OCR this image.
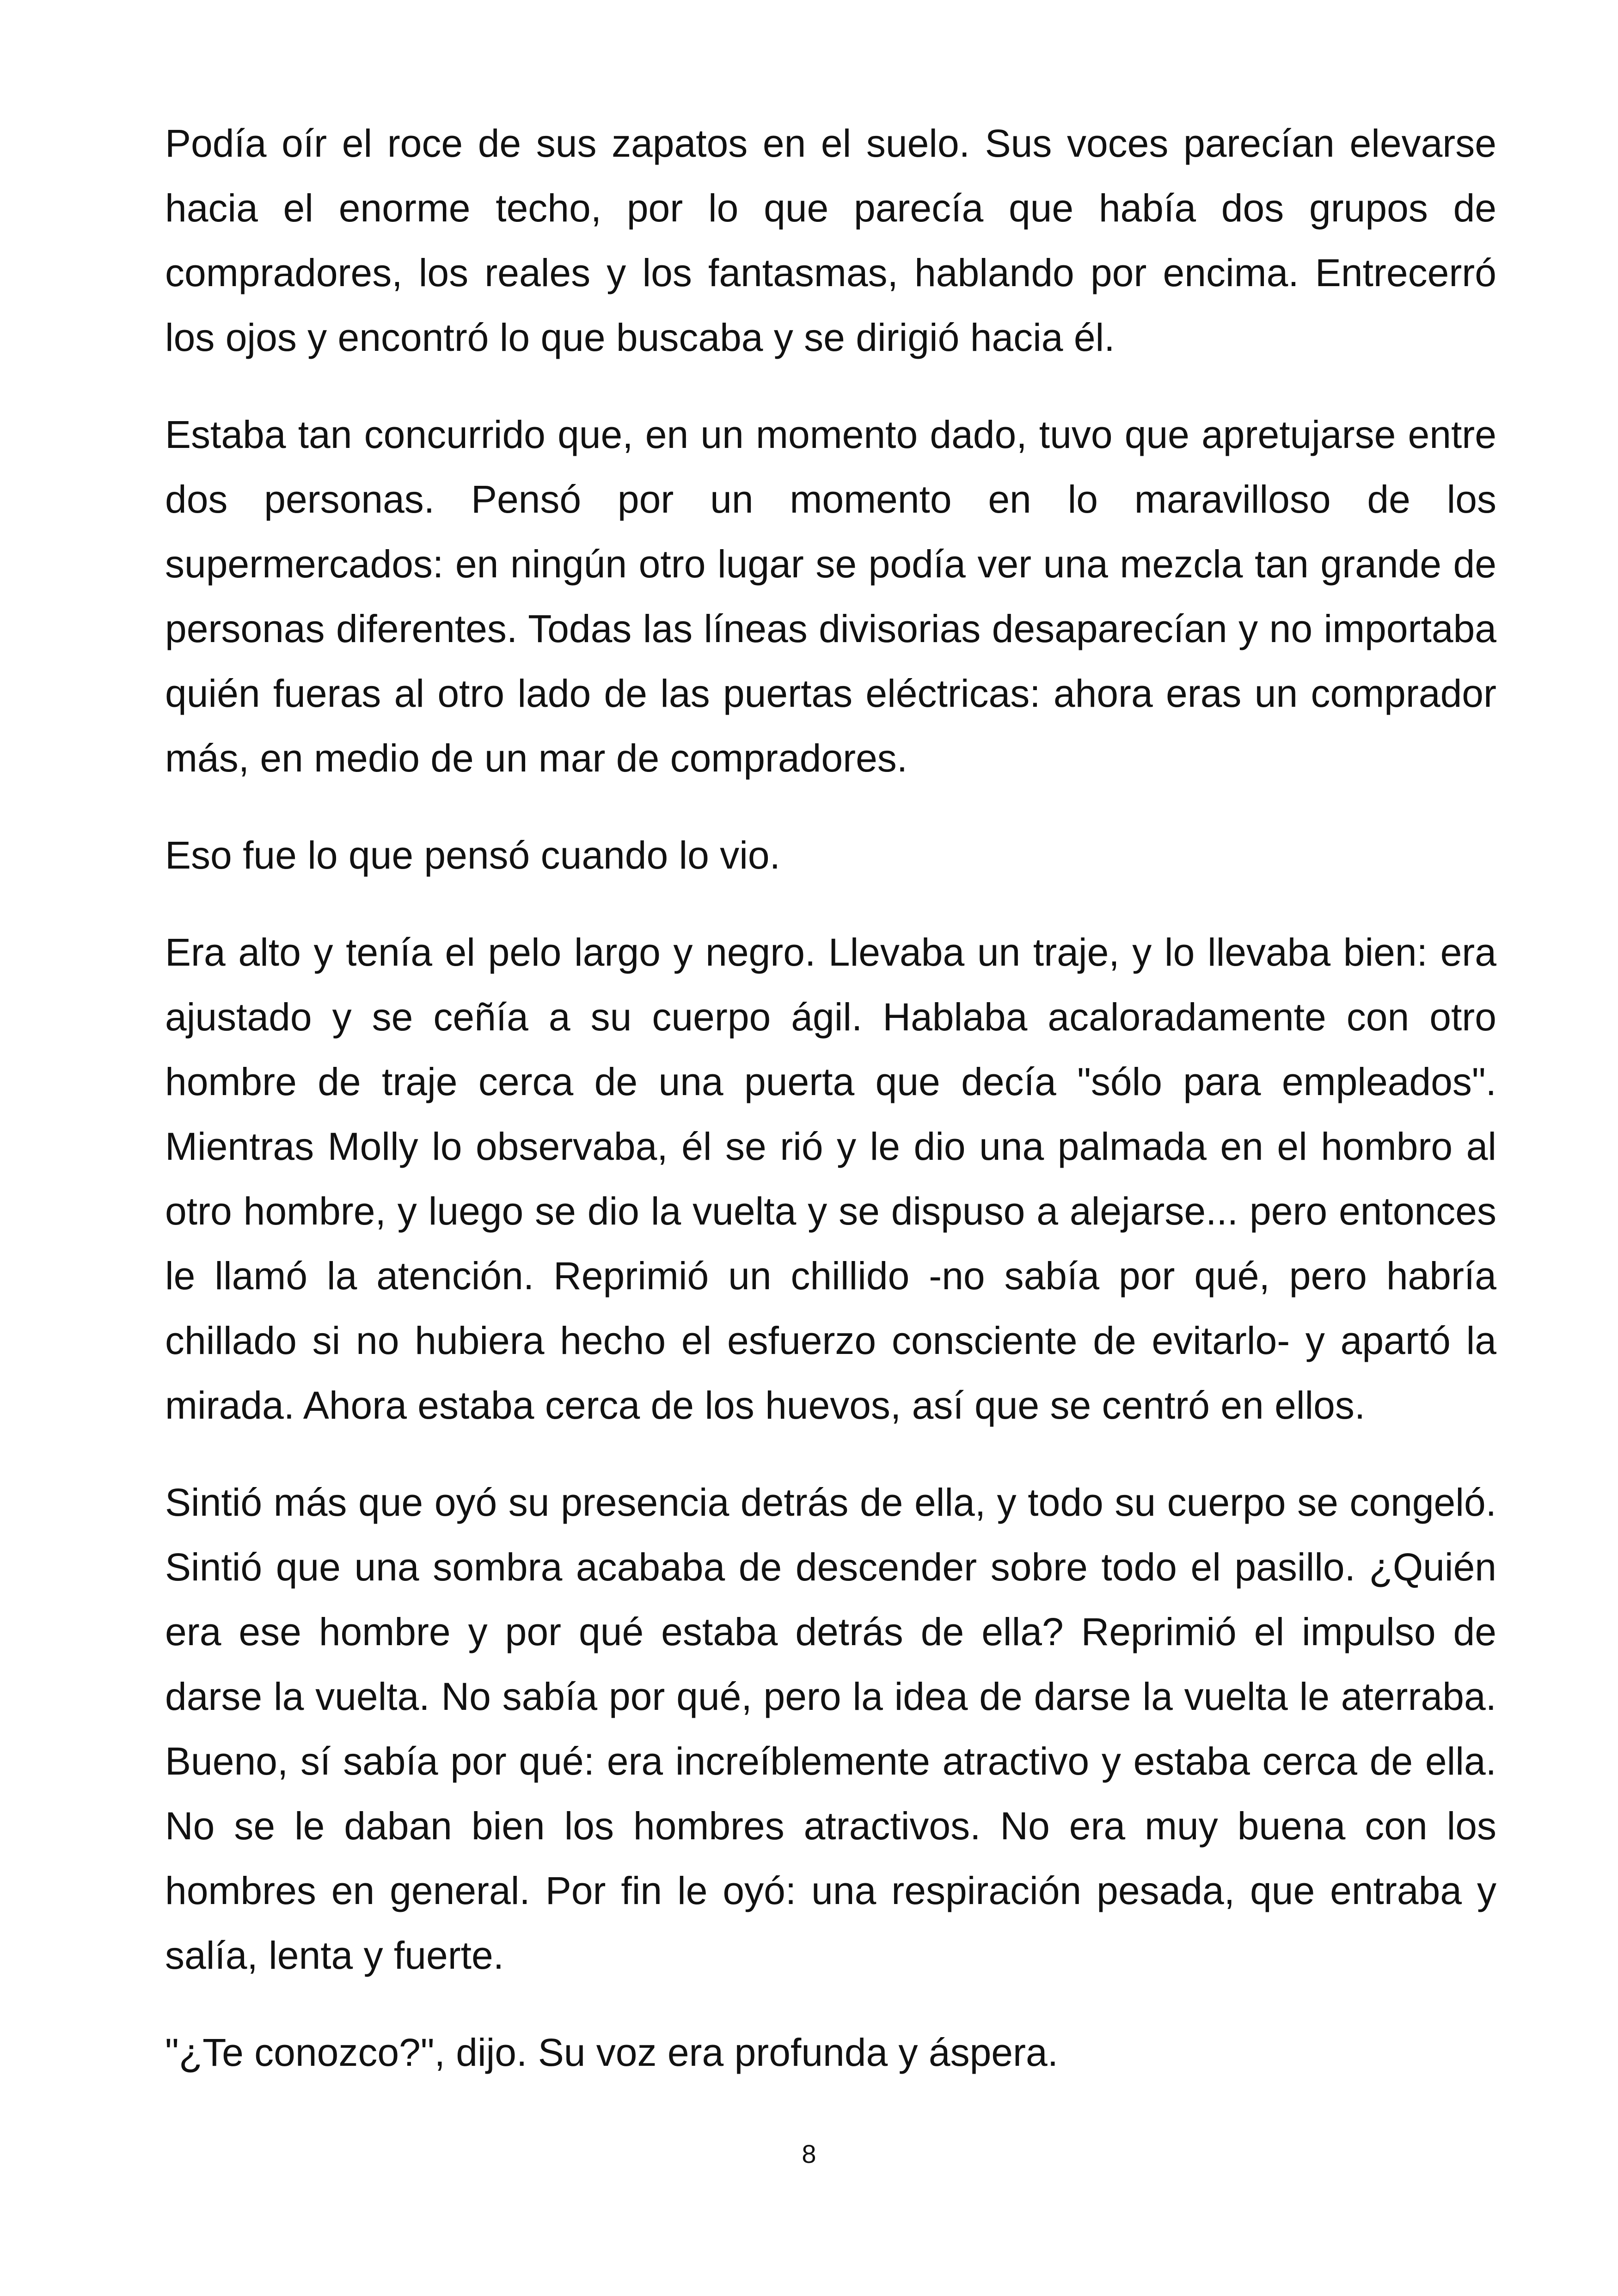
Podía oír el roce de sus zapatos en el suelo. Sus voces parecían elevarse hacia el enorme techo, por lo que parecía que había dos grupos de compradores, los reales y los fantasmas, hablando por encima. Entrecerró los ojos y encontró lo que buscaba y se dirigió hacia él.

Estaba tan concurrido que, en un momento dado, tuvo que apretujarse entre dos personas. Pensó por un momento en lo maravilloso de los supermercados: en ningún otro lugar se podía ver una mezcla tan grande de personas diferentes. Todas las líneas divisorias desaparecían y no importaba quién fueras al otro lado de las puertas eléctricas: ahora eras un comprador más, en medio de un mar de compradores.

Eso fue lo que pensó cuando lo vio.

Era alto y tenía el pelo largo y negro. Llevaba un traje, y lo llevaba bien: era ajustado y se ceñía a su cuerpo ágil. Hablaba acaloradamente con otro hombre de traje cerca de una puerta que decía "sólo para empleados". Mientras Molly lo observaba, él se rió y le dio una palmada en el hombro al otro hombre, y luego se dio la vuelta y se dispuso a alejarse... pero entonces le llamó la atención. Reprimió un chillido -no sabía por qué, pero habría chillado si no hubiera hecho el esfuerzo consciente de evitarlo- y apartó la mirada. Ahora estaba cerca de los huevos, así que se centró en ellos.

Sintió más que oyó su presencia detrás de ella, y todo su cuerpo se congeló. Sintió que una sombra acababa de descender sobre todo el pasillo. ¿Quién era ese hombre y por qué estaba detrás de ella? Reprimió el impulso de darse la vuelta. No sabía por qué, pero la idea de darse la vuelta le aterraba. Bueno, sí sabía por qué: era increíblemente atractivo y estaba cerca de ella. No se le daban bien los hombres atractivos. No era muy buena con los hombres en general. Por fin le oyó: una respiración pesada, que entraba y salía, lenta y fuerte.

"¿Te conozco?", dijo. Su voz era profunda y áspera.

8
